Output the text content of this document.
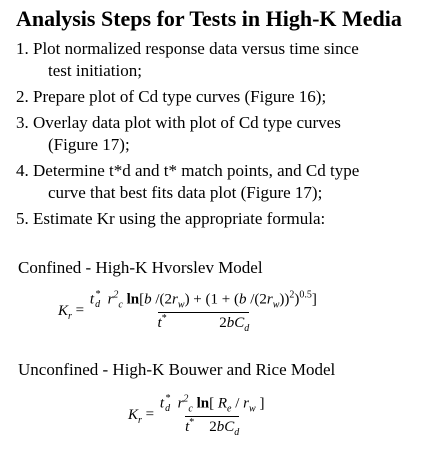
Analysis Steps for Tests in High-K Media
1. Plot normalized response data versus time since
test initiation;
2. Prepare plot of Cd type curves (Figure 16);
3. Overlay data plot with plot of Cd type curves
(Figure 17);
4. Determine t*d and t* match points, and Cd type
curve that best fits data plot (Figure 17);
5. Estimate Kr using the appropriate formula:
Confined - High-K Hvorslev Model
$K_r = t$ *
d $r^2_c$ ln[b $/(2r_w) + (1 + (b$ $/(2r_w))^2)^{0.5}$]
t*              $2bC_d$
Unconfined - High-K Bouwer and Rice Model
$K_r = t$ *
d $r^2_c$ ln[ $R_e / r_w$ ]
t*    $2bC_d$
